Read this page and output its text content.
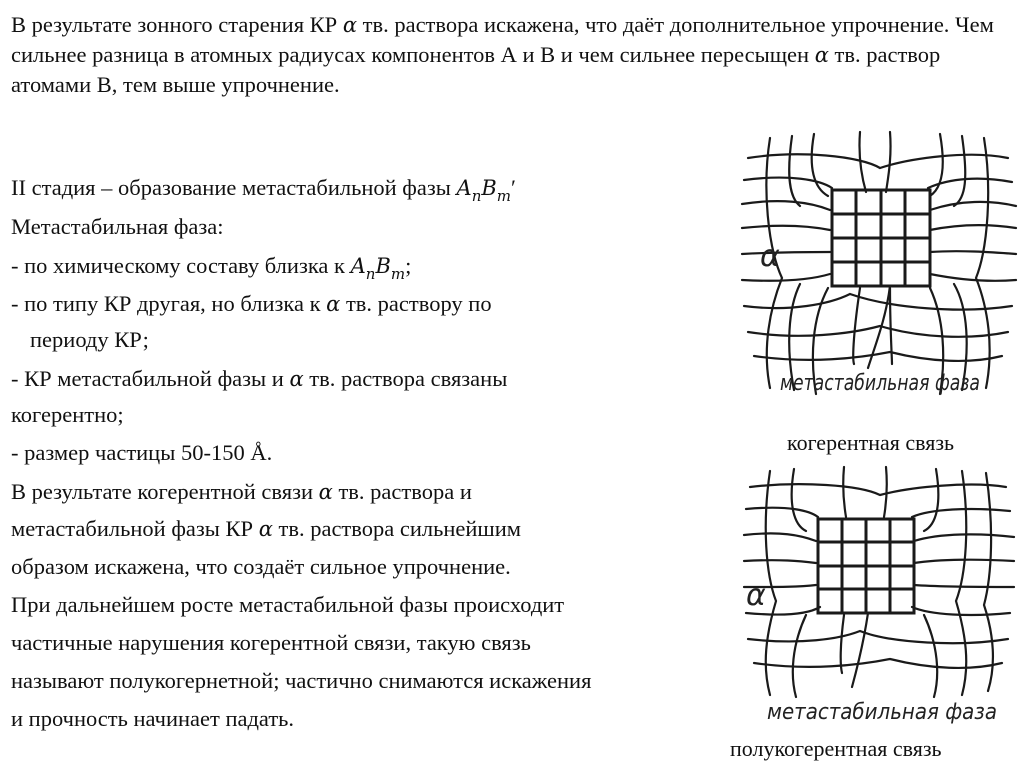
В результате зонного старения КР α тв. раствора искажена, что даёт дополнительное упрочнение. Чем сильнее разница в атомных радиусах компонентов А и В и чем сильнее пересыщен α тв. раствор атомами В, тем выше упрочнение.

II стадия – образование метастабильной фазы $A_nB_m'$

Метастабильная фаза:

- по химическому составу близка к $A_nB_m$;

- по типу КР другая, но близка к α тв. раствору по

периоду КР;

- КР метастабильной фазы и α тв. раствора связаны

когерентно;

- размер частицы 50-150 Å.

В результате когерентной связи α тв. раствора и

метастабильной фазы КР α тв. раствора сильнейшим

образом искажена, что создаёт сильное упрочнение.

При дальнейшем росте метастабильной фазы происходит

частичные нарушения когерентной связи, такую связь

называют полукогернетной; частично снимаются искажения

и прочность начинает падать.

α
метастабильная фаза
когерентная связь
α
метастабильная фаза
полукогерентная связь
